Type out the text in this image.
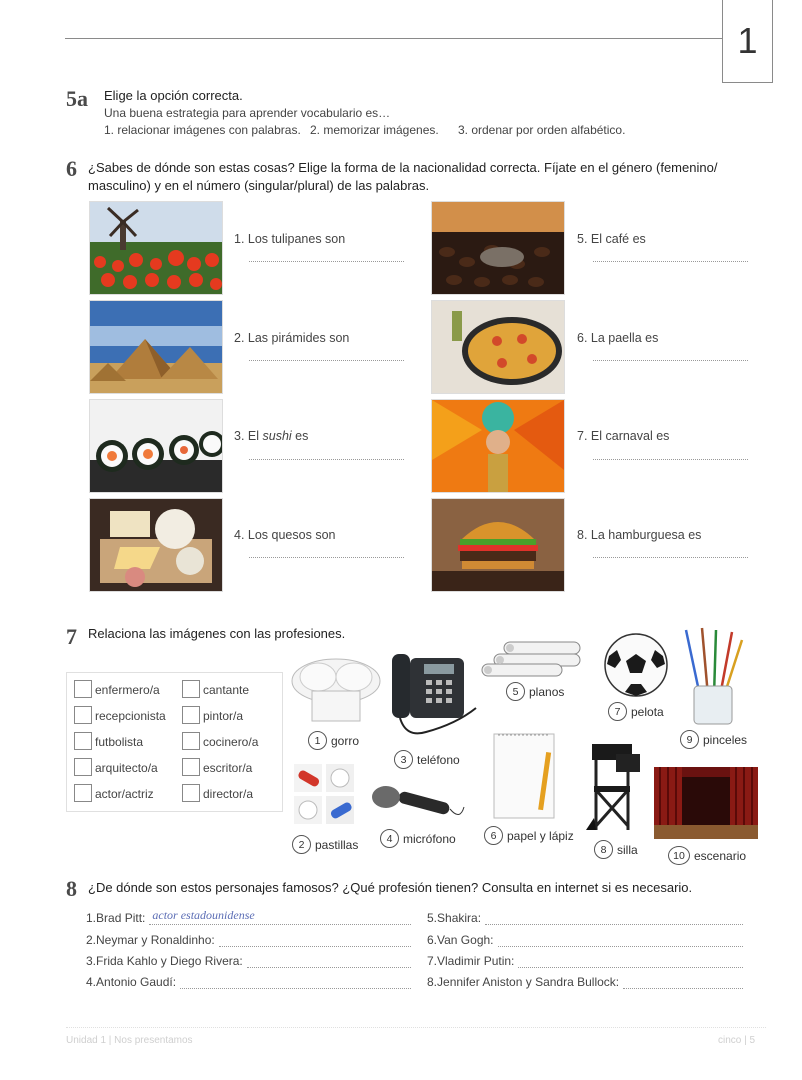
1
5a Elige la opción correcta.
Una buena estrategia para aprender vocabulario es…
1. relacionar imágenes con palabras. 2. memorizar imágenes. 3. ordenar por orden alfabético.
6 ¿Sabes de dónde son estas cosas? Elige la forma de la nacionalidad correcta. Fíjate en el género (femenino/
masculino) y en el número (singular/plural) de las palabras.
1. Los tulipanes son
2. Las pirámides son
3. El sushi es
4. Los quesos son
5. El café es
6. La paella es
7. El carnaval es
8. La hamburguesa es
7 Relaciona las imágenes con las profesiones.
enfermero/a
recepcionista
futbolista
arquitecto/a
actor/actriz
cantante
pintor/a
cocinero/a
escritor/a
director/a
1 gorro
3 teléfono
5 planos
7 pelota
9 pinceles
2 pastillas	4 micrófono	6 papel y lápiz
8 silla	10 escenario
8 ¿De dónde son estos personajes famosos? ¿Qué profesión tienen? Consulta en internet si es necesario.
1. Brad Pitt: actor estadounidense
2. Neymar y Ronaldinho:
3. Frida Kahlo y Diego Rivera:
4. Antonio Gaudí:
5. Shakira:
6. Van Gogh:
7. Vladimir Putin:
8. Jennifer Aniston y Sandra Bullock:
Unidad 1 | Nos presentamos	cinco | 5
